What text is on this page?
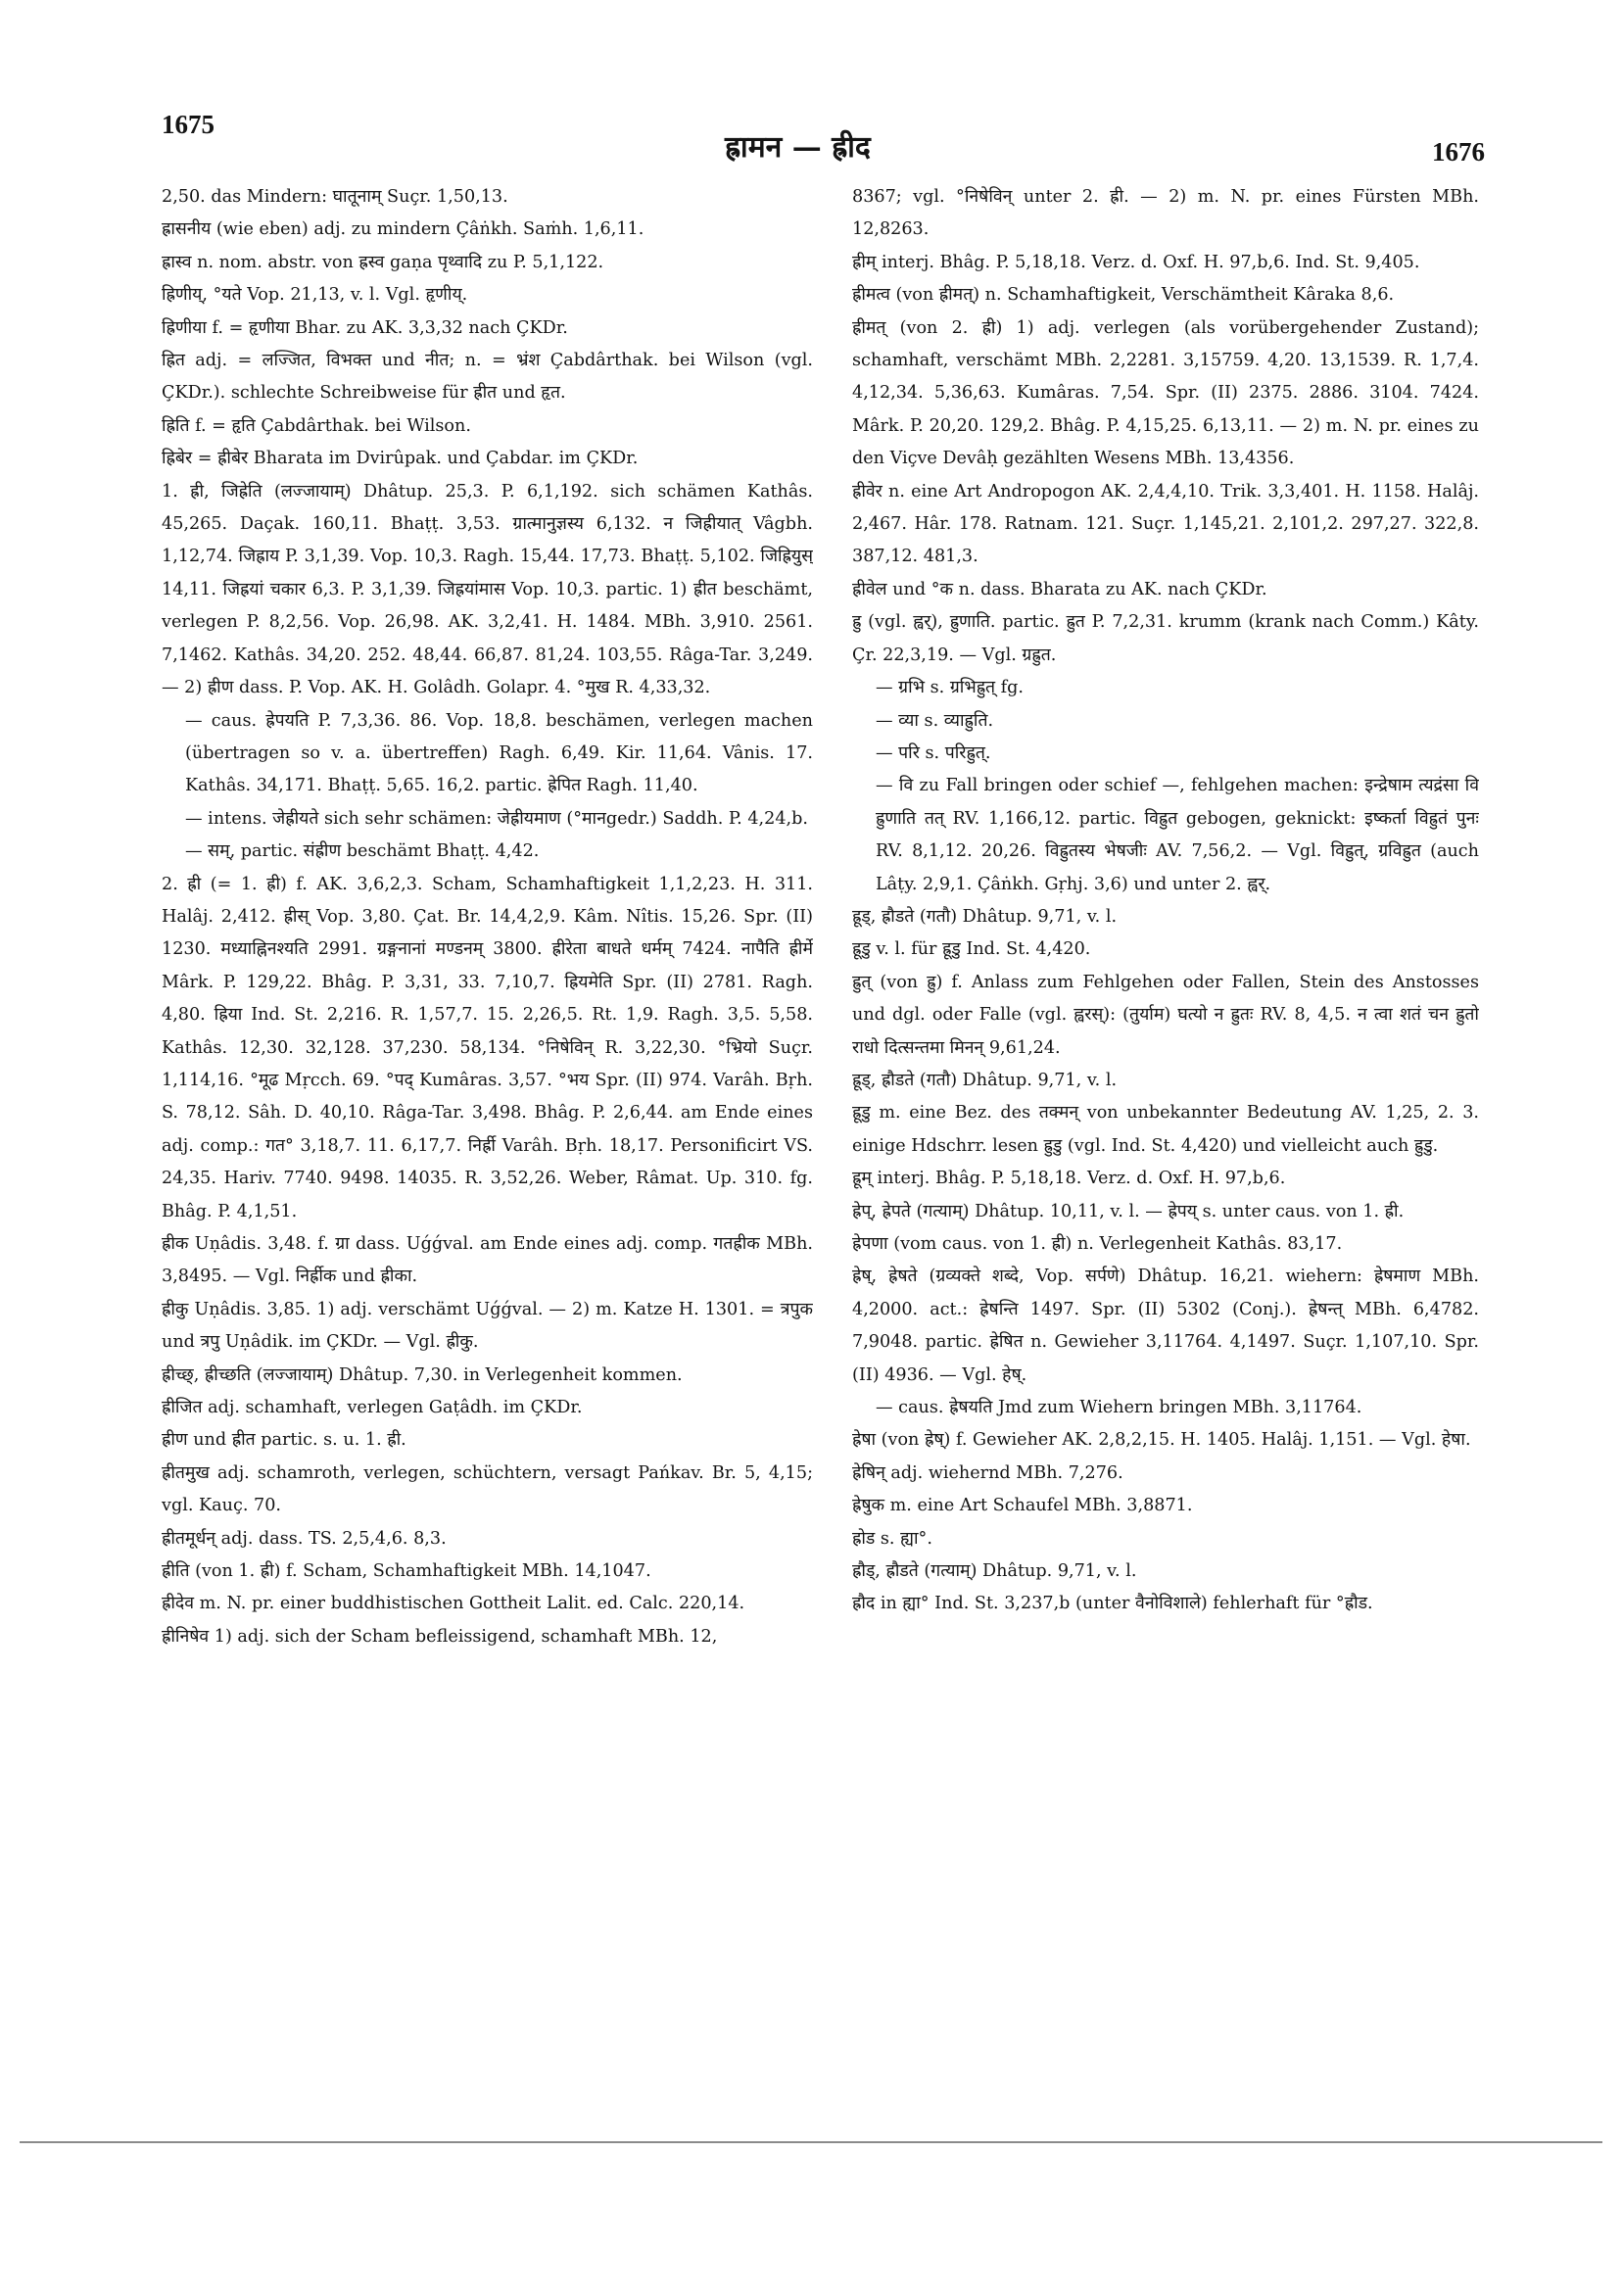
1675
ह्रामन — ह्रीद	1676

2,50. das Mindern: घातूनाम् Suçr. 1,50,13.

ह्रासनीय (wie eben) adj. zu mindern Çâṅkh. Saṁh. 1,6,11.

ह्रास्व n. nom. abstr. von ह्रस्व gaṇa पृथ्वादि zu P. 5,1,122.

ह्रिणीय्, °यते Vop. 21,13, v. l. Vgl. हृणीय्.

ह्रिणीया f. = हृणीया Bhar. zu AK. 3,3,32 nach ÇKDr.

ह्रित adj. = लज्जित, विभक्त und नीत; n. = भ्रंश Çabdârthak. bei Wilson (vgl. ÇKDr.). schlechte Schreibweise für ह्रीत und हृत.

ह्रिति f. = हृति Çabdârthak. bei Wilson.

ह्रिबेर = ह्रीबेर Bharata im Dvirûpak. und Çabdar. im ÇKDr.

1. ह्री, जिह्रेति (लज्जायाम्) Dhâtup. 25,3. P. 6,1,192. sich schämen Kathâs. 45,265. Daçak. 160,11. Bhaṭṭ. 3,53. ग्रात्मानुज्ञस्य 6,132. न जिह्रीयात् Vâgbh. 1,12,74. जिह्राय P. 3,1,39. Vop. 10,3. Ragh. 15,44. 17,73. Bhaṭṭ. 5,102. जिह्रियुस् 14,11. जिह्रयां चकार 6,3. P. 3,1,39. जिह्रयांमास Vop. 10,3. partic. 1) ह्रीत beschämt, verlegen P. 8,2,56. Vop. 26,98. AK. 3,2,41. H. 1484. MBh. 3,910. 2561. 7,1462. Kathâs. 34,20. 252. 48,44. 66,87. 81,24. 103,55. Râga-Tar. 3,249. — 2) ह्रीण dass. P. Vop. AK. H. Golâdh. Golapr. 4. °मुख R. 4,33,32.

— caus. ह्रेपयति P. 7,3,36. 86. Vop. 18,8. beschämen, verlegen machen (übertragen so v. a. übertreffen) Ragh. 6,49. Kir. 11,64. Vânis. 17. Kathâs. 34,171. Bhaṭṭ. 5,65. 16,2. partic. ह्रेपित Ragh. 11,40.

— intens. जेह्रीयते sich sehr schämen: जेह्रीयमाण (°मानgedr.) Saddh. P. 4,24,b.

— सम्, partic. संह्रीण beschämt Bhaṭṭ. 4,42.

2. ह्री (= 1. ह्री) f. AK. 3,6,2,3. Scham, Schamhaftigkeit 1,1,2,23. H. 311. Halâj. 2,412. ह्रीस् Vop. 3,80. Çat. Br. 14,4,2,9. Kâm. Nîtis. 15,26. Spr. (II) 1230. मध्याह्निनश्यति 2991. ग्रङ्गनानां मण्डनम् 3800. ह्रीरेता बाधते धर्मम् 7424. नापैति ह्रीर्मे Mârk. P. 129,22. Bhâg. P. 3,31, 33. 7,10,7. ह्रियमेति Spr. (II) 2781. Ragh. 4,80. ह्रिया Ind. St. 2,216. R. 1,57,7. 15. 2,26,5. Rt. 1,9. Ragh. 3,5. 5,58. Kathâs. 12,30. 32,128. 37,230. 58,134. °निषेविन् R. 3,22,30. °भ्रियो Suçr. 1,114,16. °मूढ Mṛcch. 69. °पद् Kumâras. 3,57. °भय Spr. (II) 974. Varâh. Bṛh. S. 78,12. Sâh. D. 40,10. Râga-Tar. 3,498. Bhâg. P. 2,6,44. am Ende eines adj. comp.: गत° 3,18,7. 11. 6,17,7. निर्ह्री Varâh. Bṛh. 18,17. Personificirt VS. 24,35. Hariv. 7740. 9498. 14035. R. 3,52,26. Weber, Râmat. Up. 310. fg. Bhâg. P. 4,1,51.

ह्रीक Uṇâdis. 3,48. f. ग्रा dass. Uǵǵval. am Ende eines adj. comp. गतह्रीक MBh. 3,8495. — Vgl. निर्ह्रीक und ह्रीका.

ह्रीकु Uṇâdis. 3,85. 1) adj. verschämt Uǵǵval. — 2) m. Katze H. 1301. = त्रपुक und त्रपु Uṇâdik. im ÇKDr. — Vgl. ह्रीकु.

ह्रीच्छ्, ह्रीच्छति (लज्जायाम्) Dhâtup. 7,30. in Verlegenheit kommen.

ह्रीजित adj. schamhaft, verlegen Gaṭâdh. im ÇKDr.

ह्रीण und ह्रीत partic. s. u. 1. ह्री.

ह्रीतमुख adj. schamroth, verlegen, schüchtern, versagt Pańkav. Br. 5, 4,15; vgl. Kauç. 70.

ह्रीतमूर्धन् adj. dass. TS. 2,5,4,6. 8,3.

ह्रीति (von 1. ह्री) f. Scham, Schamhaftigkeit MBh. 14,1047.

ह्रीदेव m. N. pr. einer buddhistischen Gottheit Lalit. ed. Calc. 220,14.

ह्रीनिषेव 1) adj. sich der Scham befleissigend, schamhaft MBh. 12,

8367; vgl. °निषेविन् unter 2. ह्री. — 2) m. N. pr. eines Fürsten MBh. 12,8263.

ह्रीम् interj. Bhâg. P. 5,18,18. Verz. d. Oxf. H. 97,b,6. Ind. St. 9,405.

ह्रीमत्व (von ह्रीमत्) n. Schamhaftigkeit, Verschämtheit Kâraka 8,6.

ह्रीमत् (von 2. ह्री) 1) adj. verlegen (als vorübergehender Zustand); schamhaft, verschämt MBh. 2,2281. 3,15759. 4,20. 13,1539. R. 1,7,4. 4,12,34. 5,36,63. Kumâras. 7,54. Spr. (II) 2375. 2886. 3104. 7424. Mârk. P. 20,20. 129,2. Bhâg. P. 4,15,25. 6,13,11. — 2) m. N. pr. eines zu den Viçve Devâḥ gezählten Wesens MBh. 13,4356.

ह्रीवेर n. eine Art Andropogon AK. 2,4,4,10. Trik. 3,3,401. H. 1158. Halâj. 2,467. Hâr. 178. Ratnam. 121. Suçr. 1,145,21. 2,101,2. 297,27. 322,8. 387,12. 481,3.

ह्रीवेल und °क n. dass. Bharata zu AK. nach ÇKDr.

ह्रु (vgl. ह्वर्), ह्रुणाति. partic. ह्रुत P. 7,2,31. krumm (krank nach Comm.) Kâty. Çr. 22,3,19. — Vgl. ग्रह्रुत.

— ग्रभि s. ग्रभिह्रुत् fg.

— व्या s. व्याह्रुति.

— परि s. परिह्रुत्.

— वि zu Fall bringen oder schief —, fehlgehen machen: इन्द्रेषाम त्यद्रंसा वि ह्रुणाति तत् RV. 1,166,12. partic. विह्रुत gebogen, geknickt: इष्कर्ता विह्रुतं पुनः RV. 8,1,12. 20,26. विह्रुतस्य भेषजीः AV. 7,56,2. — Vgl. विह्रुत्, ग्रविह्रुत (auch Lâṭy. 2,9,1. Çâṅkh. Gṛhj. 3,6) und unter 2. ह्वर्.

ह्रूड्, ह्रौडते (गतौ) Dhâtup. 9,71, v. l.

ह्रूडु v. l. für ह्रूडु Ind. St. 4,420.

ह्रुत् (von ह्रु) f. Anlass zum Fehlgehen oder Fallen, Stein des Anstosses und dgl. oder Falle (vgl. ह्वरस्): (तुर्याम) घत्यो न ह्रुतः RV. 8, 4,5. न त्वा शतं चन ह्रुतो राधो दित्सन्तमा मिनन् 9,61,24.

ह्रूड्, ह्रौडते (गतौ) Dhâtup. 9,71, v. l.

ह्रूडु m. eine Bez. des तक्मन् von unbekannter Bedeutung AV. 1,25, 2. 3. einige Hdschrr. lesen ह्रुडु (vgl. Ind. St. 4,420) und vielleicht auch ह्रुडु.

ह्रूम् interj. Bhâg. P. 5,18,18. Verz. d. Oxf. H. 97,b,6.

ह्रेप्, ह्रेपते (गत्याम्) Dhâtup. 10,11, v. l. — ह्रेपय् s. unter caus. von 1. ह्री.

ह्रेपणा (vom caus. von 1. ह्री) n. Verlegenheit Kathâs. 83,17.

ह्रेष्, ह्रेषते (ग्रव्यक्ते शब्दे, Vop. सर्पणे) Dhâtup. 16,21. wiehern: ह्रेषमाण MBh. 4,2000. act.: ह्रेषन्ति 1497. Spr. (II) 5302 (Conj.). ह्रेषन्त् MBh. 6,4782. 7,9048. partic. ह्रेषित n. Gewieher 3,11764. 4,1497. Suçr. 1,107,10. Spr. (II) 4936. — Vgl. हेष्.

— caus. ह्रेषयति Jmd zum Wiehern bringen MBh. 3,11764.

ह्रेषा (von ह्रेष्) f. Gewieher AK. 2,8,2,15. H. 1405. Halâj. 1,151. — Vgl. हेषा.

ह्रेषिन् adj. wiehernd MBh. 7,276.

ह्रेषुक m. eine Art Schaufel MBh. 3,8871.

ह्रोड s. ह्या°.

ह्रौड्, ह्रौडते (गत्याम्) Dhâtup. 9,71, v. l.

ह्रौद in ह्या° Ind. St. 3,237,b (unter वैनोविशाले) fehlerhaft für °ह्रौड.
